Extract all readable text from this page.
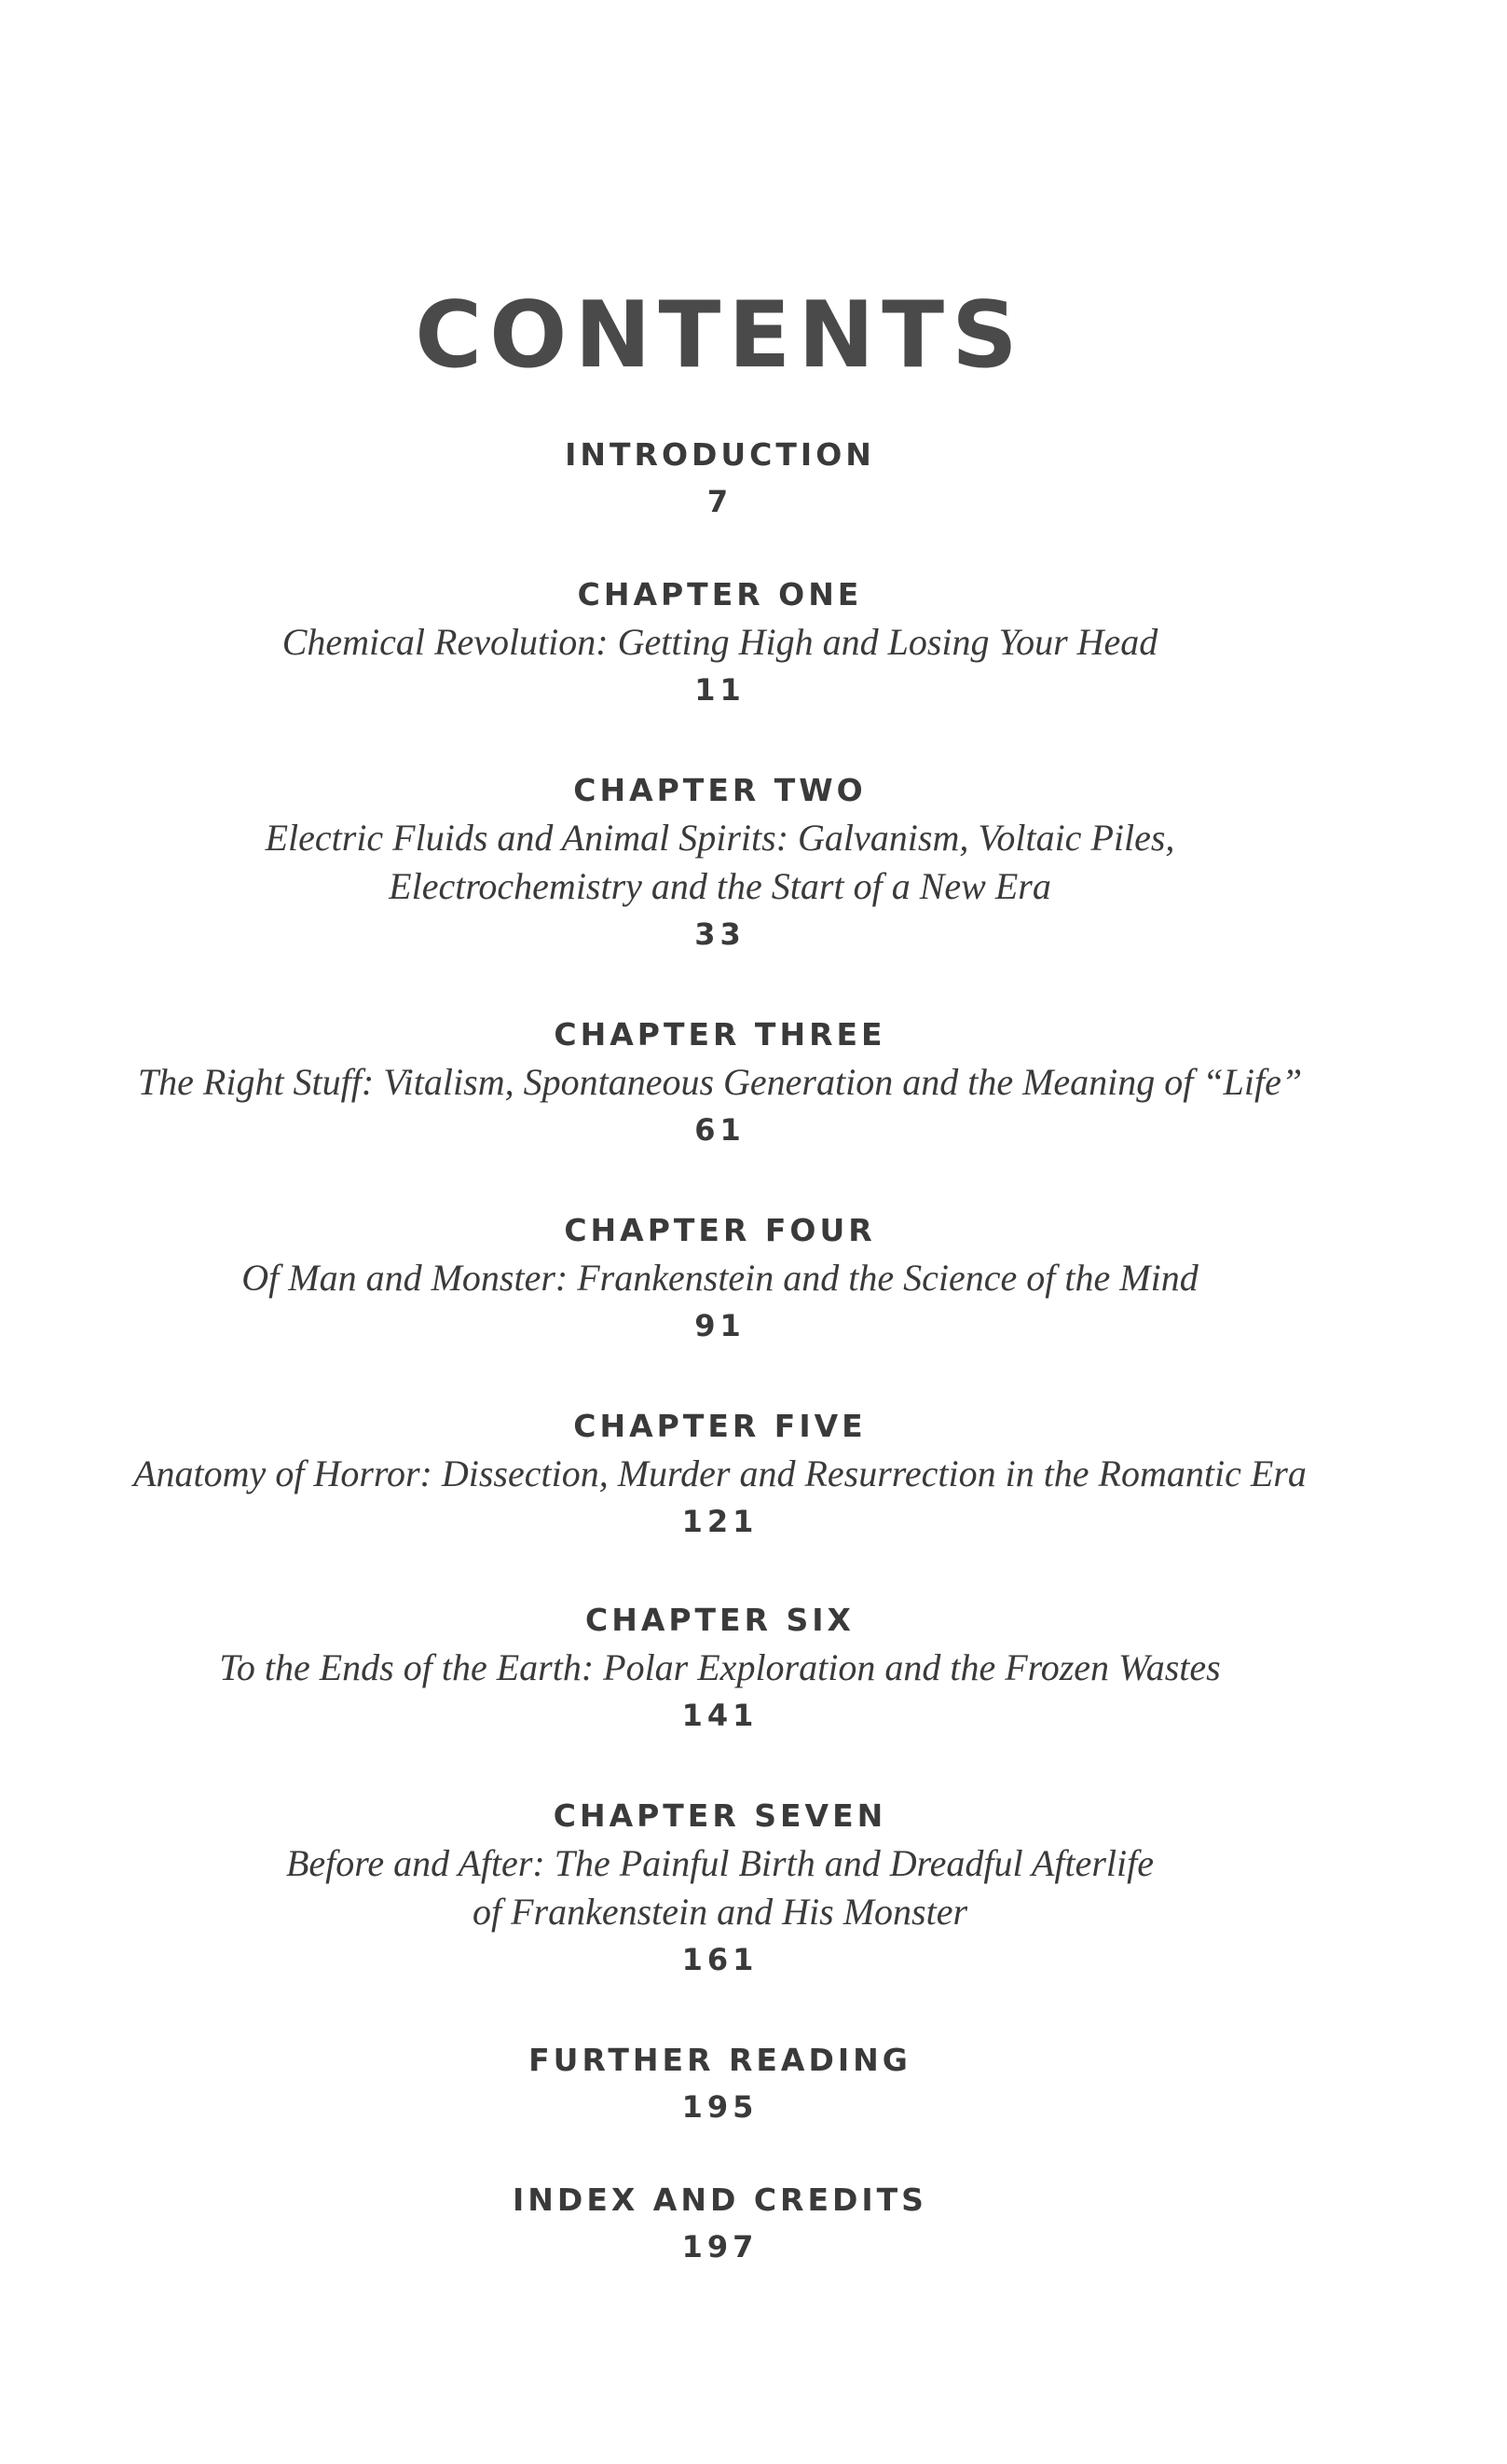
CONTENTS
INTRODUCTION
7
CHAPTER ONE
Chemical Revolution: Getting High and Losing Your Head
11
CHAPTER TWO
Electric Fluids and Animal Spirits: Galvanism, Voltaic Piles,
Electrochemistry and the Start of a New Era
33
CHAPTER THREE
The Right Stuff: Vitalism, Spontaneous Generation and the Meaning of “Life”
61
CHAPTER FOUR
Of Man and Monster: Frankenstein and the Science of the Mind
91
CHAPTER FIVE
Anatomy of Horror: Dissection, Murder and Resurrection in the Romantic Era
121
CHAPTER SIX
To the Ends of the Earth: Polar Exploration and the Frozen Wastes
141
CHAPTER SEVEN
Before and After: The Painful Birth and Dreadful Afterlife
of Frankenstein and His Monster
161
FURTHER READING
195
INDEX AND CREDITS
197
